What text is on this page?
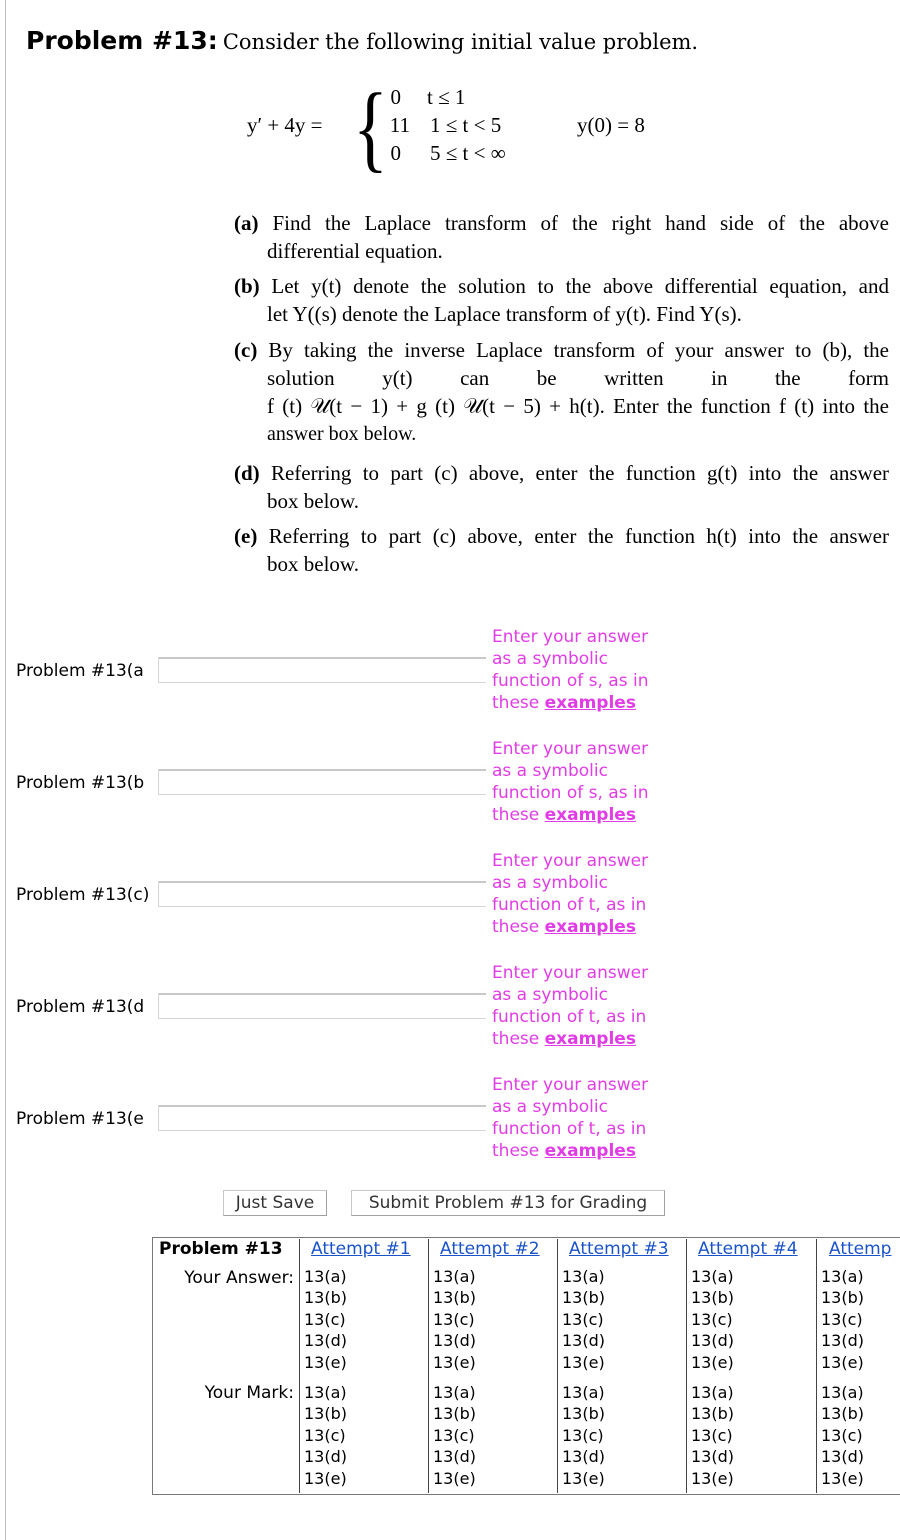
Problem #13: Consider the following initial value problem.
y′ + 4y = { 0 t ≤ 1
11 1 ≤ t < 5
0 5 ≤ t < ∞
y(0) = 8
(a) Find the Laplace transform of the right hand side of the above
differential equation.
(b) Let y(t) denote the solution to the above differential equation, and
let Y((s) denote the Laplace transform of y(t). Find Y(s).
(c) By taking the inverse Laplace transform of your answer to (b), the
solution y(t) can be written in the form
f (t) 𝒰(t − 1) + g (t) 𝒰(t − 5) + h(t). Enter the function f (t) into the
answer box below.
(d) Referring to part (c) above, enter the function g(t) into the answer
box below.
(e) Referring to part (c) above, enter the function h(t) into the answer
box below.
Problem #13(a
Enter your answer
as a symbolic
function of s, as in
these examples
Problem #13(b
Enter your answer
as a symbolic
function of s, as in
these examples
Problem #13(c)
Enter your answer
as a symbolic
function of t, as in
these examples
Problem #13(d
Enter your answer
as a symbolic
function of t, as in
these examples
Problem #13(e
Enter your answer
as a symbolic
function of t, as in
these examples
Just Save	Submit Problem #13 for Grading
Problem #13 Attempt #1 Attempt #2 Attempt #3 Attempt #4 Attemp
Your Answer:
Your Mark:
13(a)
13(b)
13(c)
13(d)
13(e)
13(a)
13(b)
13(c)
13(d)
13(e)
13(a)
13(b)
13(c)
13(d)
13(e)
13(a)
13(b)
13(c)
13(d)
13(e)
13(a)
13(b)
13(c)
13(d)
13(e)
13(a)
13(b)
13(c)
13(d)
13(e)
13(a)
13(b)
13(c)
13(d)
13(e)
13(a)
13(b)
13(c)
13(d)
13(e)
13(a)
13(b)
13(c)
13(d)
13(e)
13(a)
13(b)
13(c)
13(d)
13(e)
